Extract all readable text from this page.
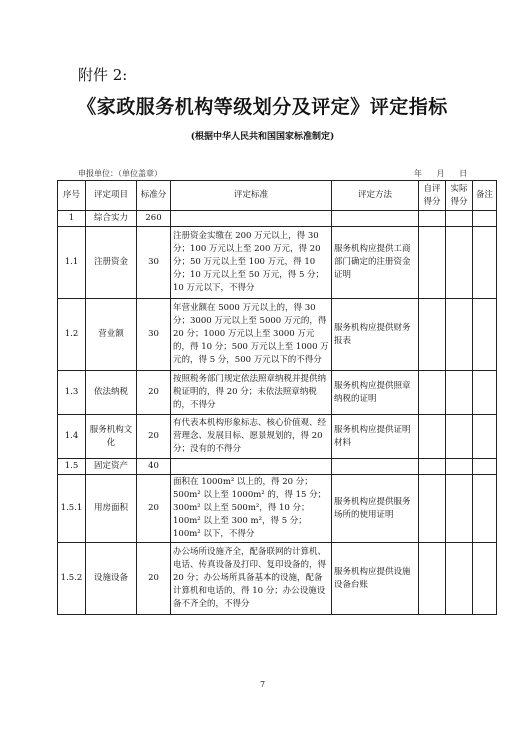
附件 2:
《家政服务机构等级划分及评定》评定指标
(根据中华人民共和国国家标准制定)
申报单位：（单位盖章）	年 月 日
序号	评定项目	标准分	评定标准	评定方法	自评得分	实际得分	备注
1	综合实力	260					
1.1	注册资金	30	注册资金实缴在 200 万元以上，得 30 分；100 万元以上至 200 万元，得 20 分；50 万元以上至 100 万元，得 10 分；10 万元以上至 50 万元，得 5 分；10 万元以下，不得分	服务机构应提供工商部门确定的注册资金证明			
1.2	营业额	30	年营业额在 5000 万元以上的，得 30 分；3000 万元以上至 5000 万元的，得 20 分；1000 万元以上至 3000 万元的，得 10 分；500 万元以上至 1000 万元的，得 5 分，500 万元以下的不得分	服务机构应提供财务报表			
1.3	依法纳税	20	按照税务部门规定依法照章纳税并提供纳税证明的，得 20 分；未依法照章纳税的，不得分	服务机构应提供照章纳税的证明			
1.4	服务机构文化	20	有代表本机构形象标志、核心价值观、经营理念、发展目标、愿景规划的，得 20 分；没有的不得分	服务机构应提供证明材料			
1.5	固定资产	40					
1.5.1	用房面积	20	面积在 1000m² 以上的，得 20 分；500m² 以上至 1000m² 的，得 15 分；300m² 以上至 500m²，得 10 分；100m² 以上至 300 m²，得 5 分；100m² 以下，不得分	服务机构应提供服务场所的使用证明			
1.5.2	设施设备	20	办公场所设施齐全，配备联网的计算机、电话、传真设备及打印、复印设备的，得 20 分；办公场所具备基本的设施，配备计算机和电话的，得 10 分；办公设施设备不齐全的，不得分	服务机构应提供设施设备台账			
7
